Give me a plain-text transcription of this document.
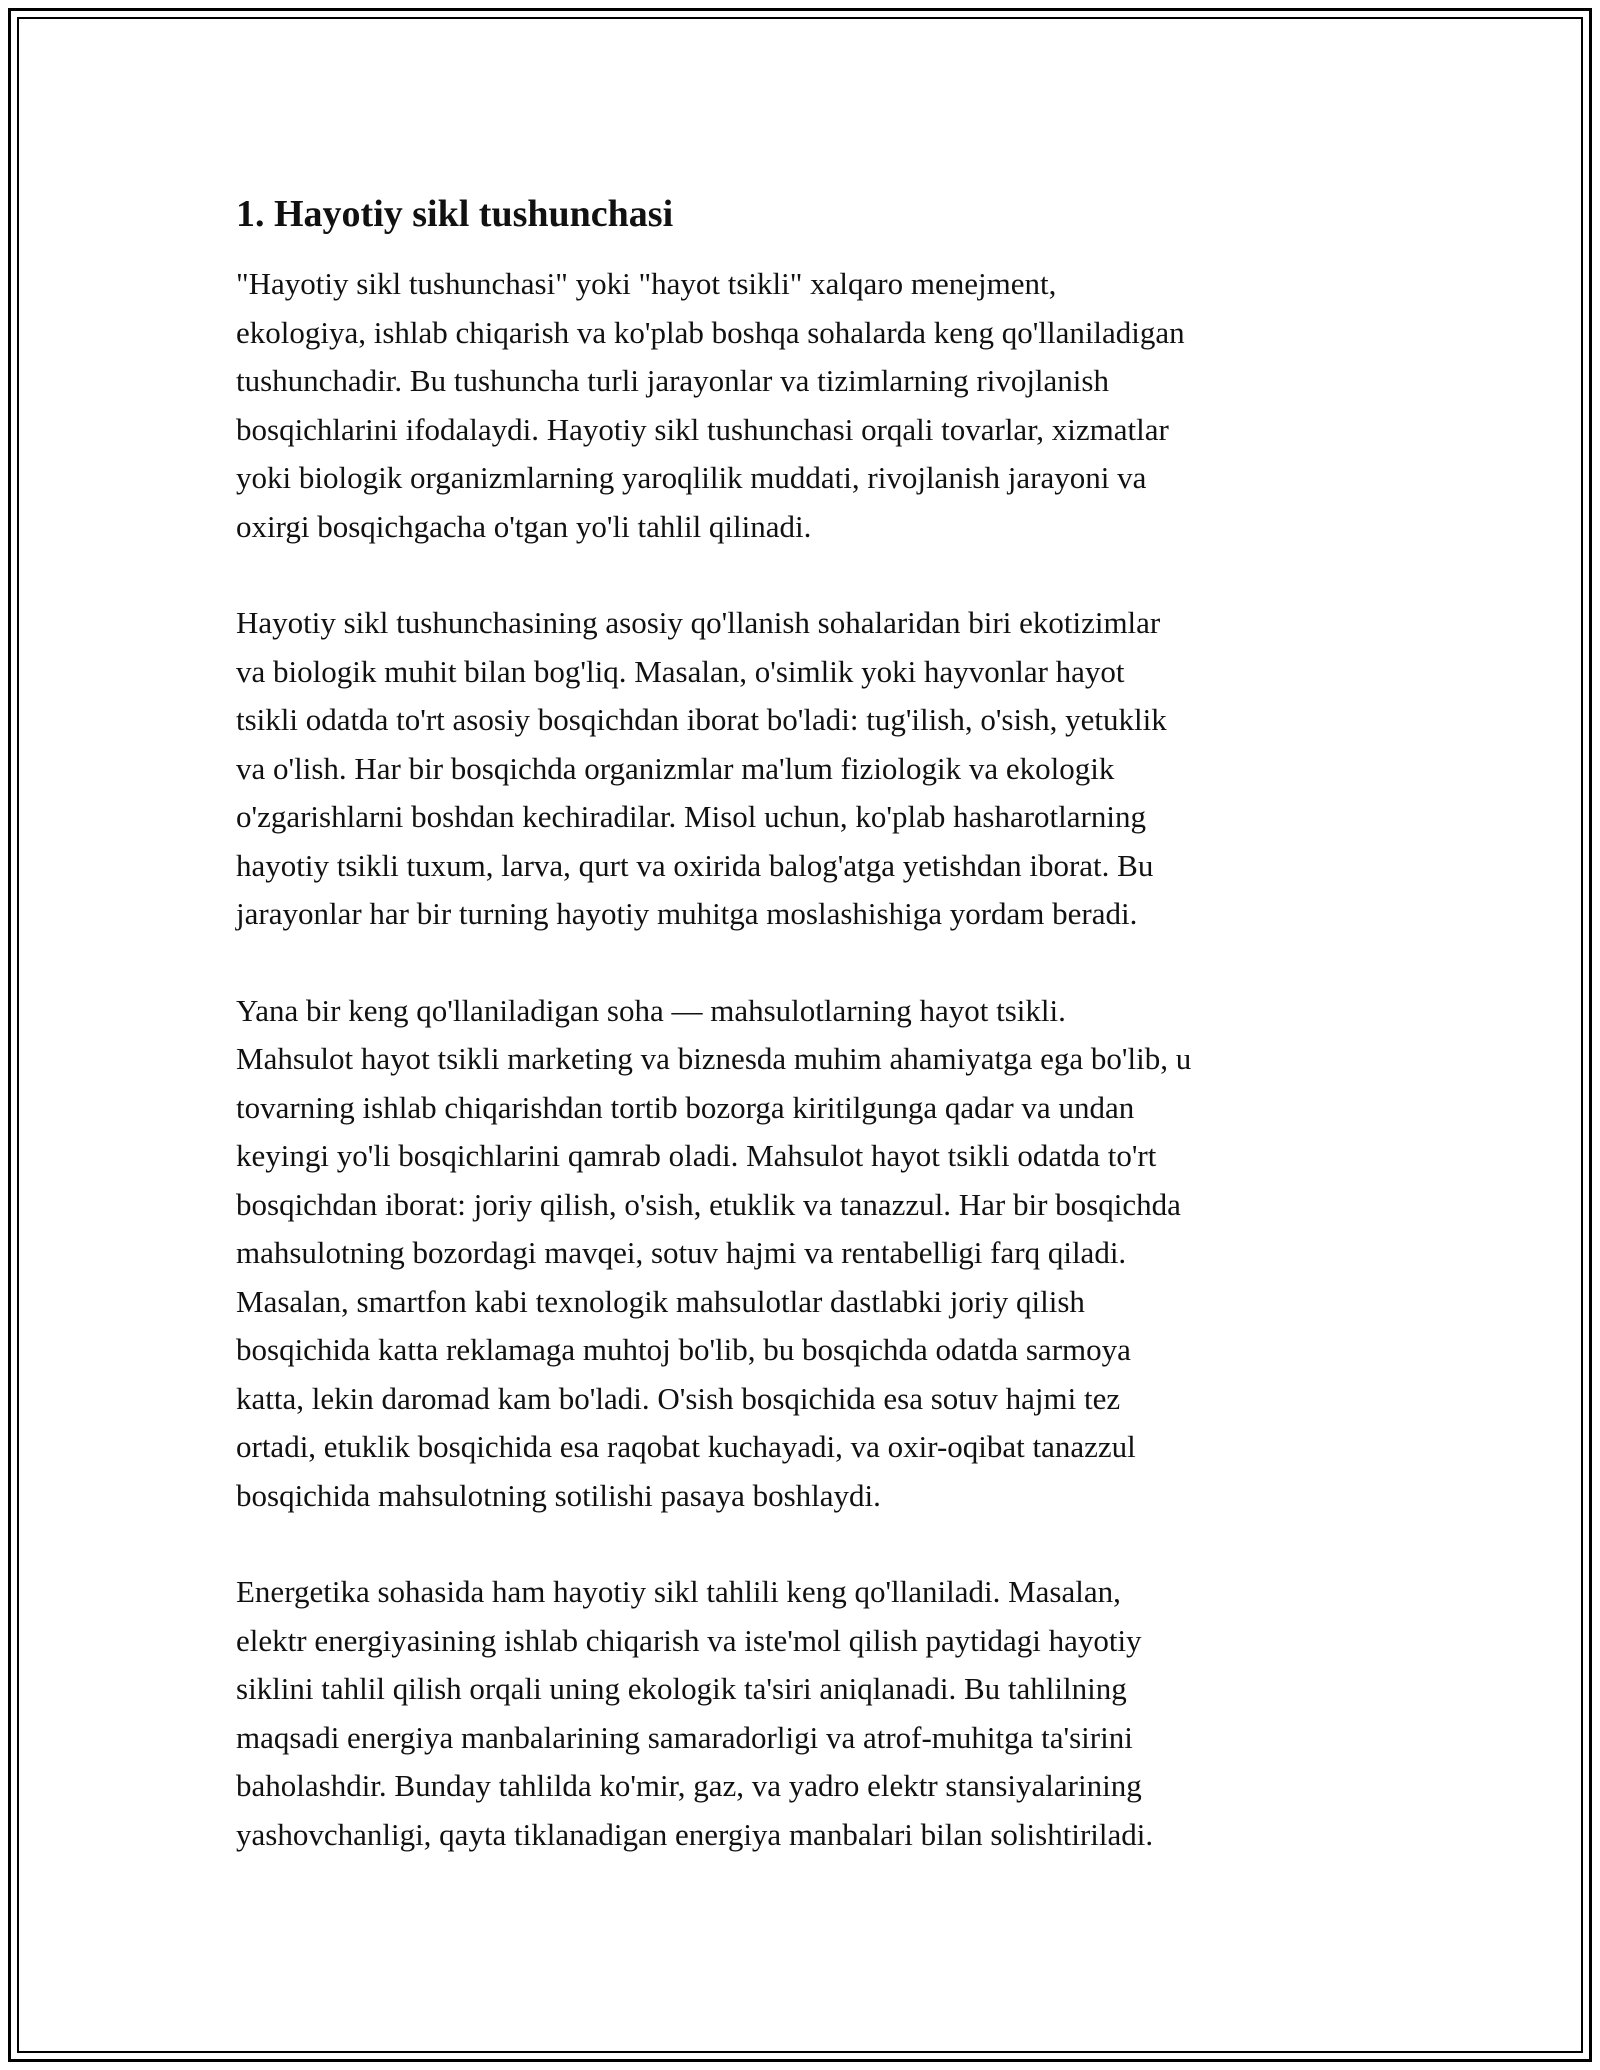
1. Hayotiy sikl tushunchasi

"Hayotiy sikl tushunchasi" yoki "hayot tsikli" xalqaro menejment,
ekologiya, ishlab chiqarish va ko'plab boshqa sohalarda keng qo'llaniladigan
tushunchadir. Bu tushuncha turli jarayonlar va tizimlarning rivojlanish
bosqichlarini ifodalaydi. Hayotiy sikl tushunchasi orqali tovarlar, xizmatlar
yoki biologik organizmlarning yaroqlilik muddati, rivojlanish jarayoni va
oxirgi bosqichgacha o'tgan yo'li tahlil qilinadi.

Hayotiy sikl tushunchasining asosiy qo'llanish sohalaridan biri ekotizimlar
va biologik muhit bilan bog'liq. Masalan, o'simlik yoki hayvonlar hayot
tsikli odatda to'rt asosiy bosqichdan iborat bo'ladi: tug'ilish, o'sish, yetuklik
va o'lish. Har bir bosqichda organizmlar ma'lum fiziologik va ekologik
o'zgarishlarni boshdan kechiradilar. Misol uchun, ko'plab hasharotlarning
hayotiy tsikli tuxum, larva, qurt va oxirida balog'atga yetishdan iborat. Bu
jarayonlar har bir turning hayotiy muhitga moslashishiga yordam beradi.

Yana bir keng qo'llaniladigan soha — mahsulotlarning hayot tsikli.
Mahsulot hayot tsikli marketing va biznesda muhim ahamiyatga ega bo'lib, u
tovarning ishlab chiqarishdan tortib bozorga kiritilgunga qadar va undan
keyingi yo'li bosqichlarini qamrab oladi. Mahsulot hayot tsikli odatda to'rt
bosqichdan iborat: joriy qilish, o'sish, etuklik va tanazzul. Har bir bosqichda
mahsulotning bozordagi mavqei, sotuv hajmi va rentabelligi farq qiladi.
Masalan, smartfon kabi texnologik mahsulotlar dastlabki joriy qilish
bosqichida katta reklamaga muhtoj bo'lib, bu bosqichda odatda sarmoya
katta, lekin daromad kam bo'ladi. O'sish bosqichida esa sotuv hajmi tez
ortadi, etuklik bosqichida esa raqobat kuchayadi, va oxir-oqibat tanazzul
bosqichida mahsulotning sotilishi pasaya boshlaydi.

Energetika sohasida ham hayotiy sikl tahlili keng qo'llaniladi. Masalan,
elektr energiyasining ishlab chiqarish va iste'mol qilish paytidagi hayotiy
siklini tahlil qilish orqali uning ekologik ta'siri aniqlanadi. Bu tahlilning
maqsadi energiya manbalarining samaradorligi va atrof-muhitga ta'sirini
baholashdir. Bunday tahlilda ko'mir, gaz, va yadro elektr stansiyalarining
yashovchanligi, qayta tiklanadigan energiya manbalari bilan solishtiriladi.
